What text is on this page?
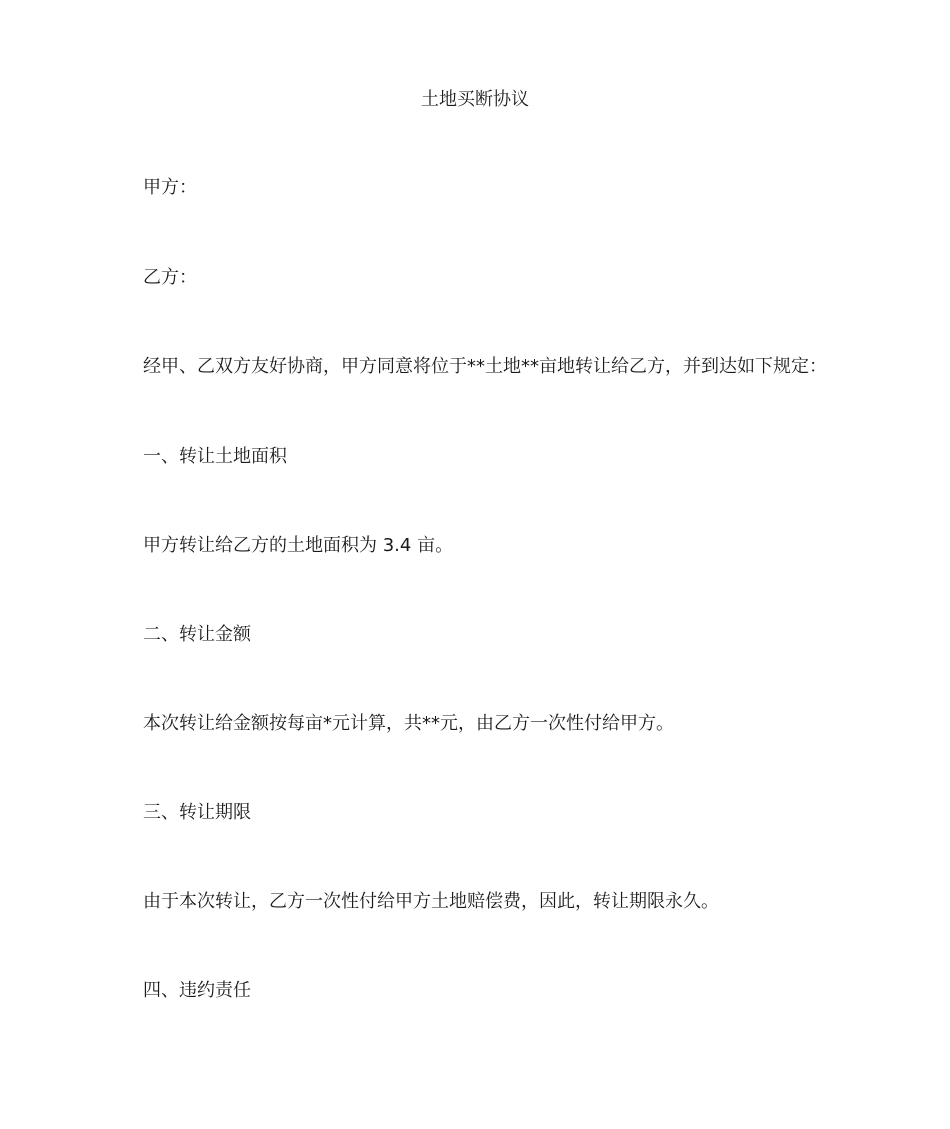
土地买断协议
甲方：
乙方：
经甲、乙双方友好协商，甲方同意将位于**土地**亩地转让给乙方，并到达如下规定：
一、转让土地面积
甲方转让给乙方的土地面积为 3.4 亩。
二、转让金额
本次转让给金额按每亩*元计算，共**元，由乙方一次性付给甲方。
三、转让期限
由于本次转让，乙方一次性付给甲方土地赔偿费，因此，转让期限永久。
四、违约责任
